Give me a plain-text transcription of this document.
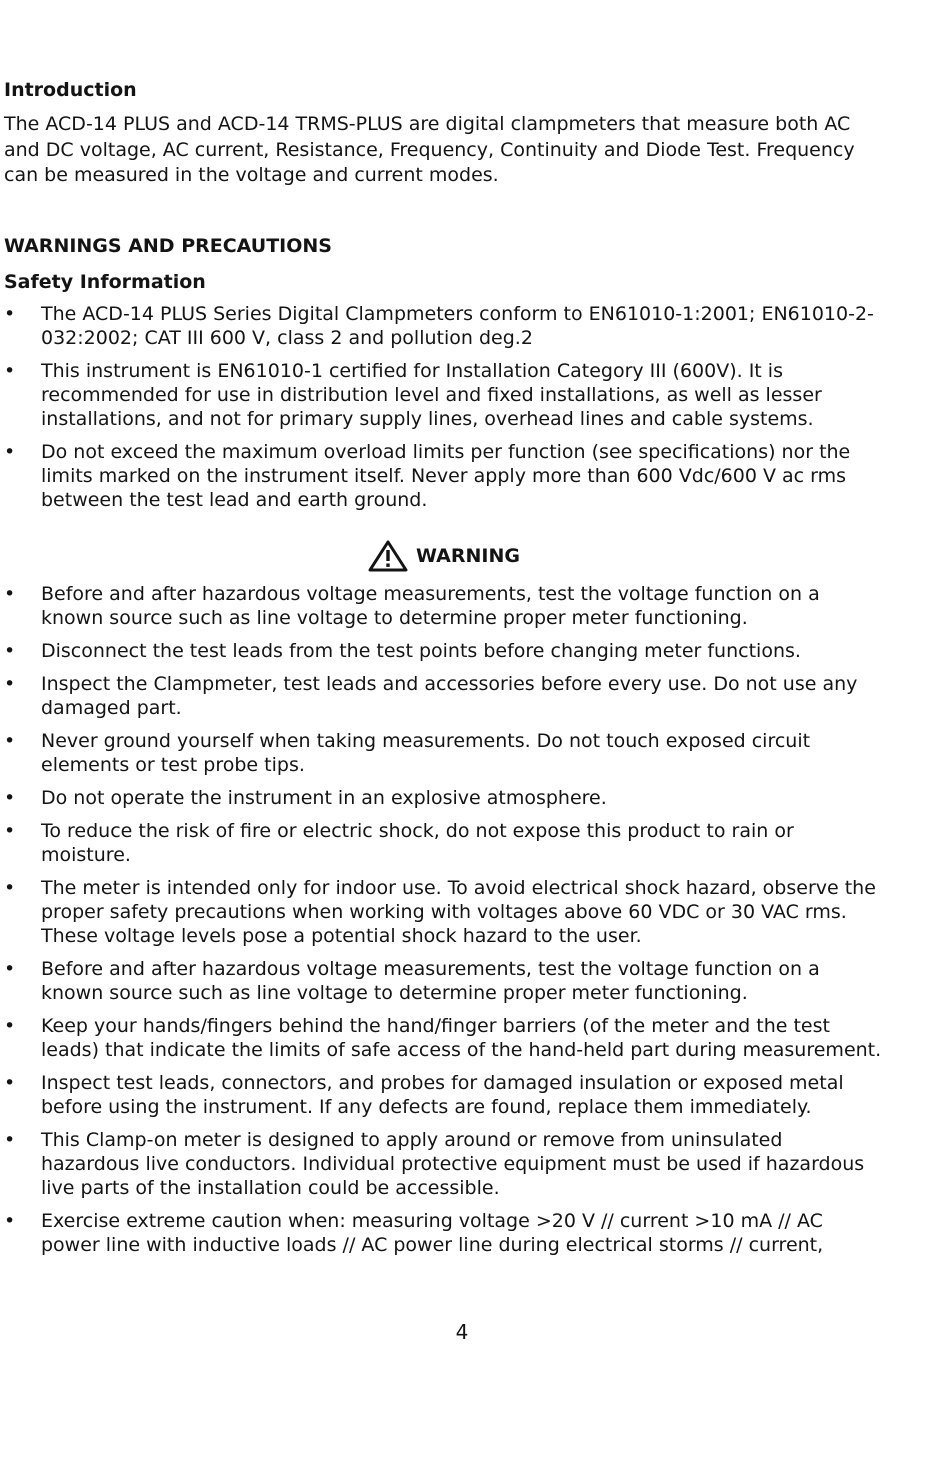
Introduction

The ACD-14 PLUS and ACD-14 TRMS-PLUS are digital clampmeters that measure both AC and DC voltage, AC current, Resistance, Frequency, Continuity and Diode Test. Frequency can be measured in the voltage and current modes.

WARNINGS AND PRECAUTIONS

Safety Information

• The ACD-14 PLUS Series Digital Clampmeters conform to EN61010-1:2001; EN61010-2-032:2002; CAT III 600 V, class 2 and pollution deg.2
• This instrument is EN61010-1 certified for Installation Category III (600V). It is recommended for use in distribution level and fixed installations, as well as lesser installations, and not for primary supply lines, overhead lines and cable systems.
• Do not exceed the maximum overload limits per function (see specifications) nor the limits marked on the instrument itself. Never apply more than 600 Vdc/600 V ac rms between the test lead and earth ground.
WARNING
• Before and after hazardous voltage measurements, test the voltage function on a known source such as line voltage to determine proper meter functioning.
• Disconnect the test leads from the test points before changing meter functions.
• Inspect the Clampmeter, test leads and accessories before every use. Do not use any damaged part.
• Never ground yourself when taking measurements. Do not touch exposed circuit elements or test probe tips.
• Do not operate the instrument in an explosive atmosphere.
• To reduce the risk of fire or electric shock, do not expose this product to rain or moisture.
• The meter is intended only for indoor use. To avoid electrical shock hazard, observe the proper safety precautions when working with voltages above 60 VDC or 30 VAC rms. These voltage levels pose a potential shock hazard to the user.
• Before and after hazardous voltage measurements, test the voltage function on a known source such as line voltage to determine proper meter functioning.
• Keep your hands/fingers behind the hand/finger barriers (of the meter and the test leads) that indicate the limits of safe access of the hand-held part during measurement.
• Inspect test leads, connectors, and probes for damaged insulation or exposed metal before using the instrument. If any defects are found, replace them immediately.
• This Clamp-on meter is designed to apply around or remove from uninsulated hazardous live conductors. Individual protective equipment must be used if hazardous live parts of the installation could be accessible.
• Exercise extreme caution when: measuring voltage >20 V // current >10 mA // AC power line with inductive loads // AC power line during electrical storms // current,
4
